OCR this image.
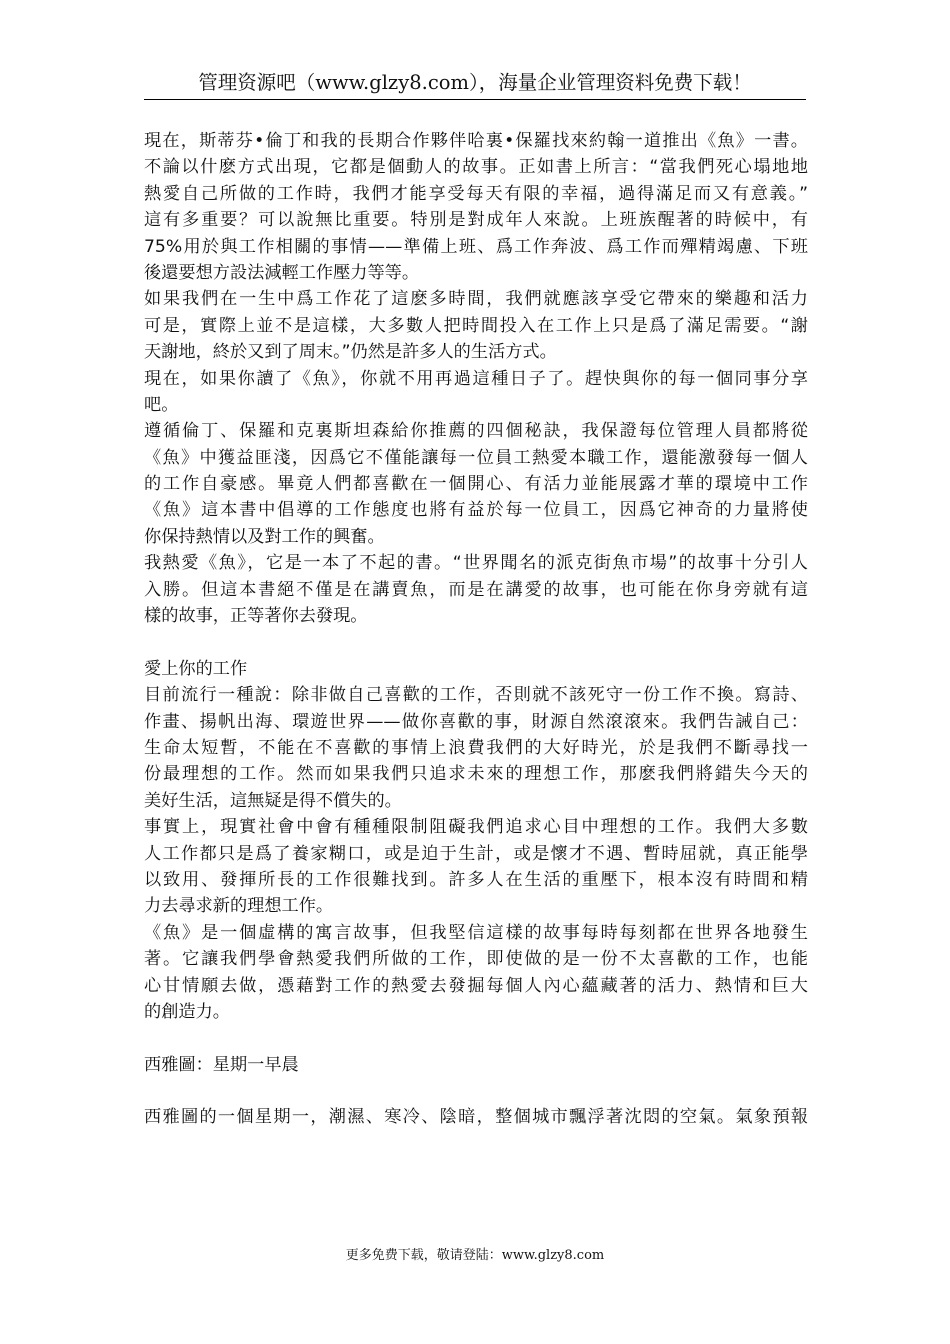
管理资源吧（www.glzy8.com），海量企业管理资料免费下载！
現在，斯蒂芬•倫丁和我的長期合作夥伴哈裏•保羅找來約翰一道推出《魚》一書。
不論以什麽方式出現，它都是個動人的故事。正如書上所言：“當我們死心塌地地
熱愛自己所做的工作時，我們才能享受每天有限的幸福，過得滿足而又有意義。”
這有多重要？可以說無比重要。特別是對成年人來說。上班族醒著的時候中，有
75%用於與工作相關的事情——準備上班、爲工作奔波、爲工作而殫精竭慮、下班
後還要想方設法減輕工作壓力等等。
如果我們在一生中爲工作花了這麽多時間，我們就應該享受它帶來的樂趣和活力
可是，實際上並不是這樣，大多數人把時間投入在工作上只是爲了滿足需要。“謝
天謝地，終於又到了周末。”仍然是許多人的生活方式。
現在，如果你讀了《魚》，你就不用再過這種日子了。趕快與你的每一個同事分享
吧。
遵循倫丁、保羅和克裏斯坦森給你推薦的四個秘訣，我保證每位管理人員都將從
《魚》中獲益匪淺，因爲它不僅能讓每一位員工熱愛本職工作，還能激發每一個人
的工作自豪感。畢竟人們都喜歡在一個開心、有活力並能展露才華的環境中工作
《魚》這本書中倡導的工作態度也將有益於每一位員工，因爲它神奇的力量將使
你保持熱情以及對工作的興奮。
我熱愛《魚》，它是一本了不起的書。“世界聞名的派克街魚市場”的故事十分引人
入勝。但這本書絕不僅是在講賣魚，而是在講愛的故事，也可能在你身旁就有這
樣的故事，正等著你去發現。
愛上你的工作
目前流行一種說：除非做自己喜歡的工作，否則就不該死守一份工作不換。寫詩、
作畫、揚帆出海、環遊世界——做你喜歡的事，財源自然滾滾來。我們告誡自己：
生命太短暫，不能在不喜歡的事情上浪費我們的大好時光，於是我們不斷尋找一
份最理想的工作。然而如果我們只追求未來的理想工作，那麽我們將錯失今天的
美好生活，這無疑是得不償失的。
事實上，現實社會中會有種種限制阻礙我們追求心目中理想的工作。我們大多數
人工作都只是爲了養家糊口，或是迫于生計，或是懷才不遇、暫時屈就，真正能學
以致用、發揮所長的工作很難找到。許多人在生活的重壓下，根本沒有時間和精
力去尋求新的理想工作。
《魚》是一個虛構的寓言故事，但我堅信這樣的故事每時每刻都在世界各地發生
著。它讓我們學會熱愛我們所做的工作，即使做的是一份不太喜歡的工作，也能
心甘情願去做，憑藉對工作的熱愛去發掘每個人內心蘊藏著的活力、熱情和巨大
的創造力。
西雅圖：星期一早晨
西雅圖的一個星期一，潮濕、寒冷、陰暗，整個城市飄浮著沈悶的空氣。氣象預報
更多免费下载，敬请登陆：www.glzy8.com
